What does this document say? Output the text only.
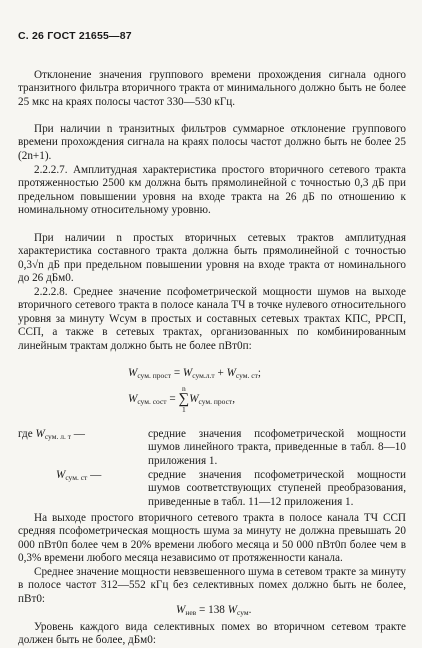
С. 26 ГОСТ 21655—87

Отклонение значения группового времени прохождения сигнала одного транзитного фильтра вторичного тракта от минимального должно быть не более 25 мкс на краях полосы частот 330—530 кГц.

При наличии n транзитных фильтров суммарное отклонение группового времени прохождения сигнала на краях полосы частот должно быть не более 25 (2n+1).

2.2.2.7. Амплитудная характеристика простого вторичного сетевого тракта протяженностью 2500 км должна быть прямолинейной с точностью 0,3 дБ при предельном повышении уровня на входе тракта на 26 дБ по отношению к номинальному относительному уровню.

При наличии n простых вторичных сетевых трактов амплитудная характеристика составного тракта должна быть прямолинейной с точностью 0,3√n дБ при предельном повышении уровня на входе тракта от номинального до 26 дБм0.

2.2.2.8. Среднее значение псофометрической мощности шумов на выходе вторичного сетевого тракта в полосе канала ТЧ в точке нулевого относительного уровня за минуту Wсум в простых и составных сетевых трактах КПС, РРСП, ССП, а также в сетевых трактах, организованных по комбинированным линейным трактам должно быть не более пВт0п:

$W_{сум. прост} = W_{сум.л.т} + W_{сум. ст}$;
$W_{сум. сост}$ =
n
∑
1
$W_{сум. прост}$,
где $W_{сум. л. т}$ —	средние значения псофометрической мощности шумов линейного тракта, приведенные в табл. 8—10 приложения 1.
$W_{сум. ст}$ —	средние значения псофометрической мощности шумов соответствующих ступеней преобразования, приведенные в табл. 11—12 приложения 1.

На выходе простого вторичного сетевого тракта в полосе канала ТЧ ССП средняя псофометрическая мощность шума за минуту не должна превышать 20 000 пВт0п более чем в 20% времени любого месяца и 50 000 пВт0п более чем в 0,3% времени любого месяца независимо от протяженности канала.

Среднее значение мощности невзвешенного шума в сетевом тракте за минуту в полосе частот 312—552 кГц без селективных помех должно быть не более, пВт0:

$W_{нев} = 138$ $W_{сум}$.

Уровень каждого вида селективных помех во вторичном сетевом тракте должен быть не более, дБм0:
